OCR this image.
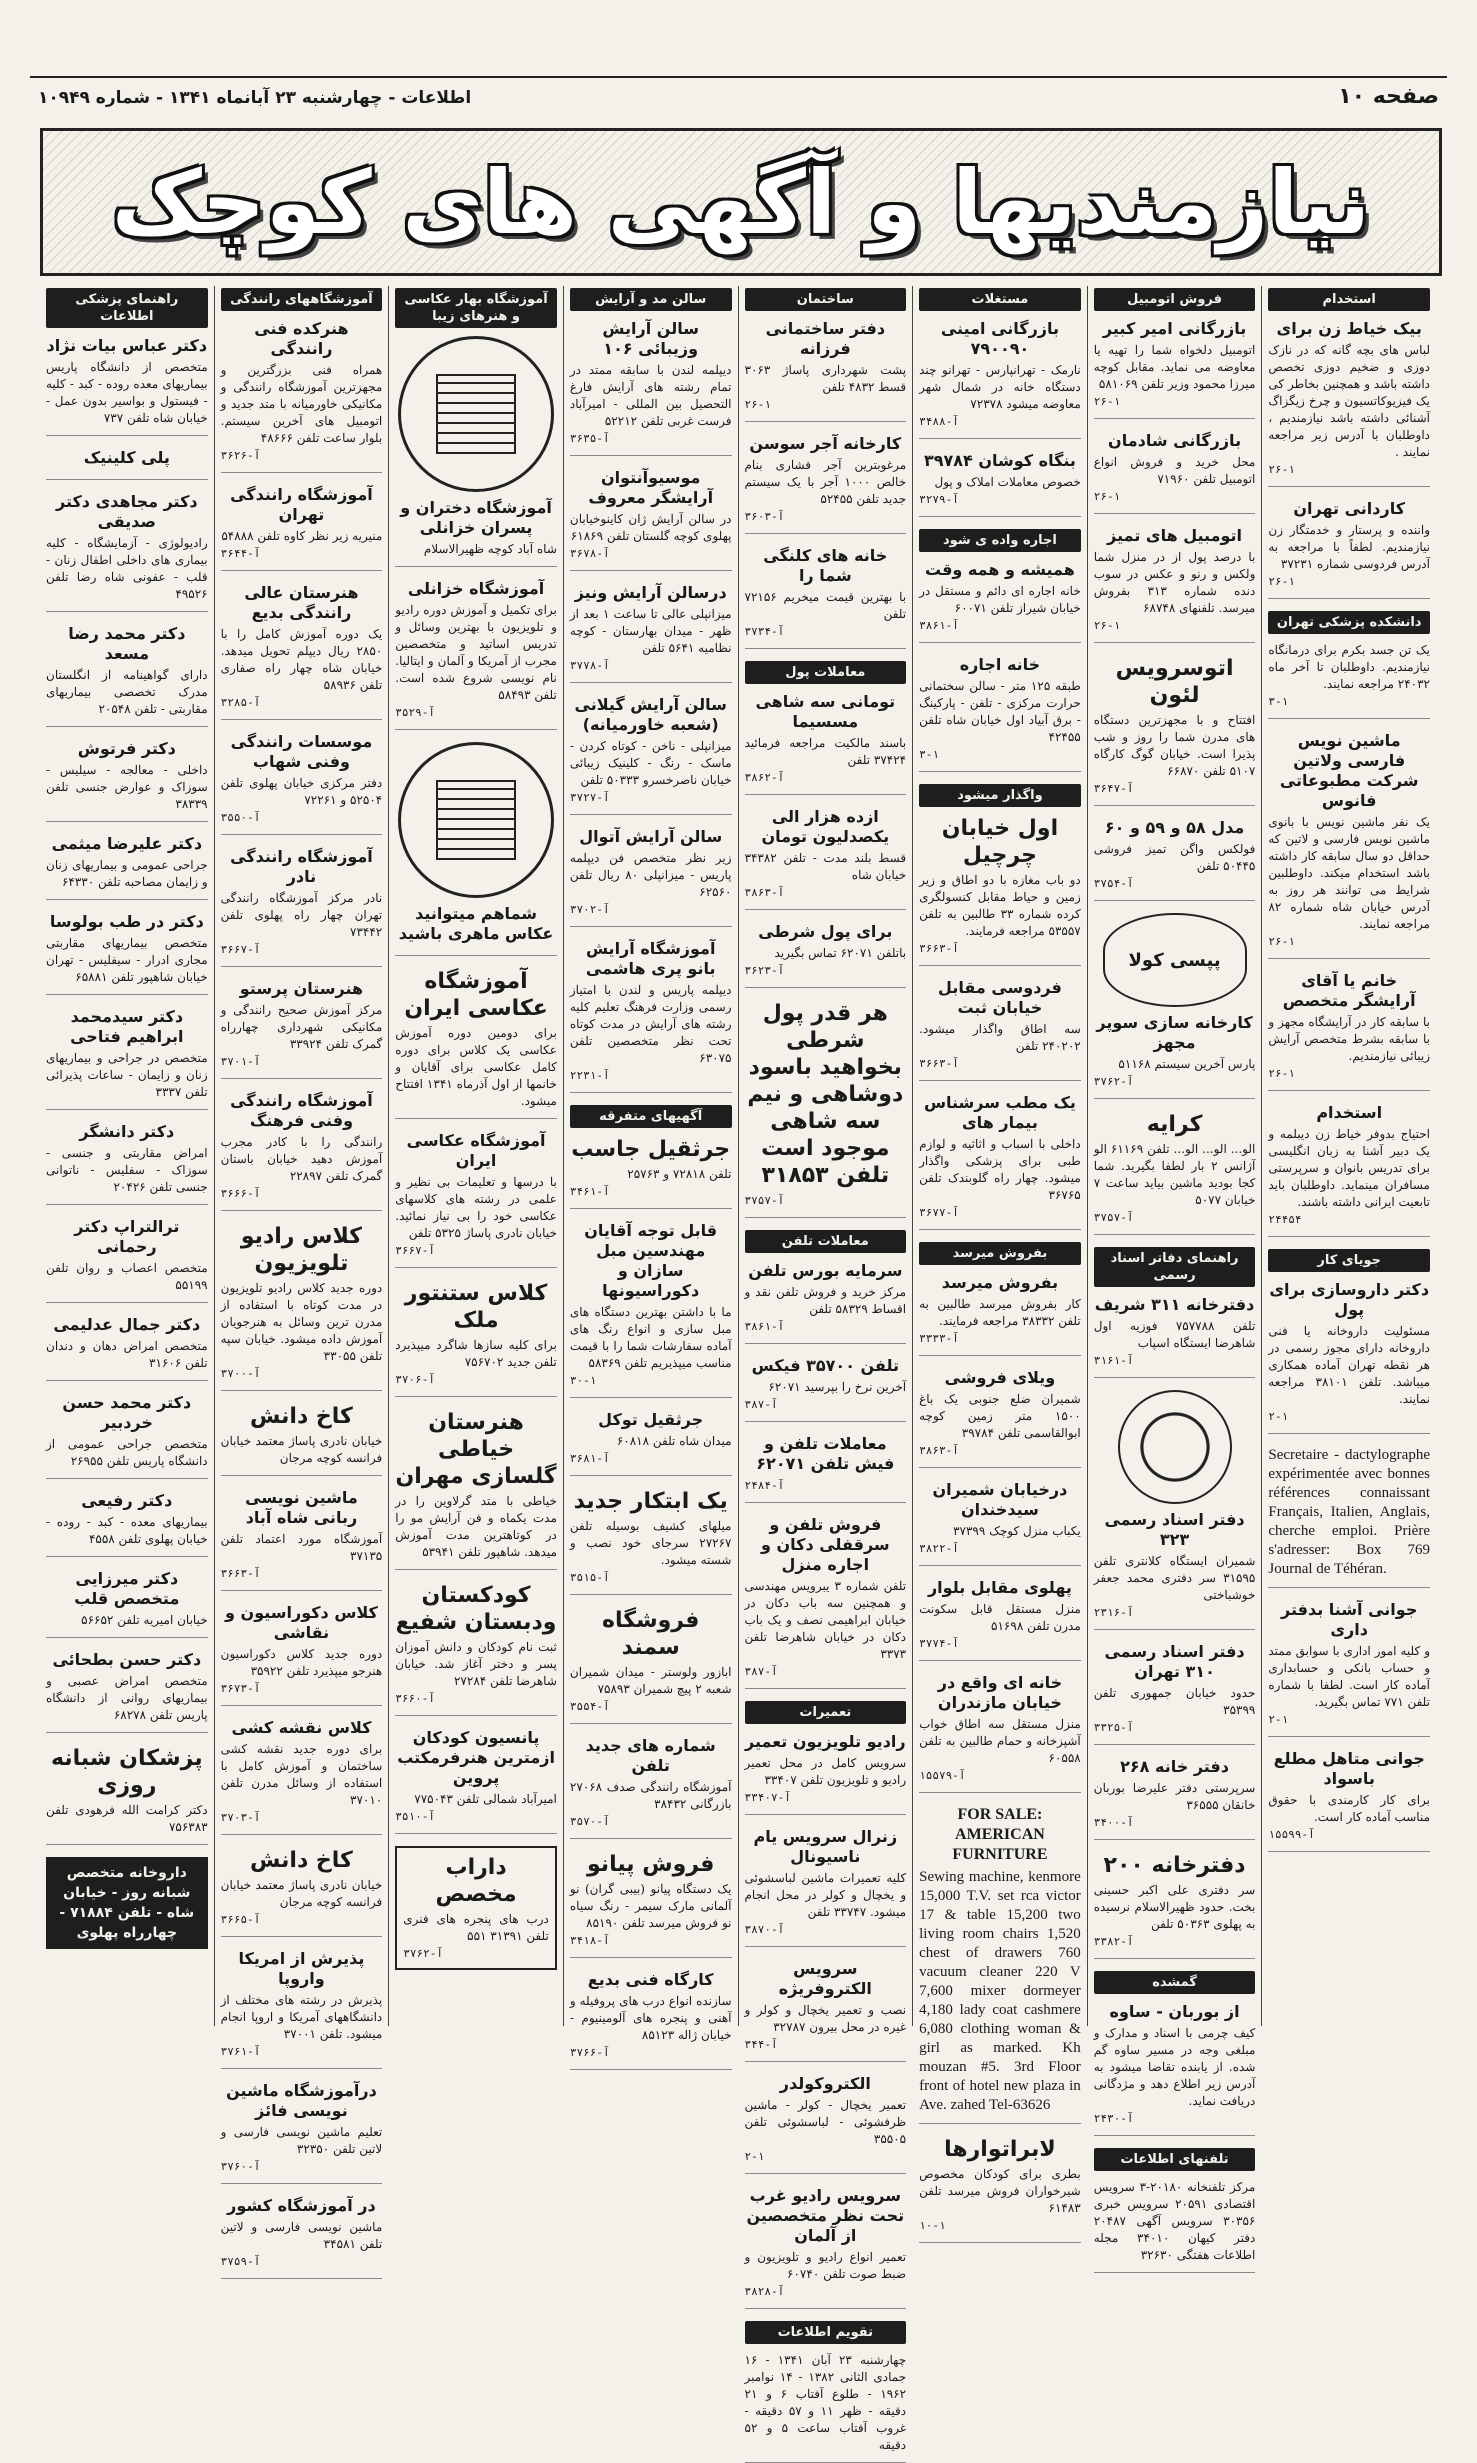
صفحه ۱۰
اطلاعات - چهارشنبه ۲۳ آبانماه ۱۳۴۱ - شماره ۱۰۹۴۹
نیازمندیها و آگهی های کوچک
استخدام
بیک خیاط زن برای
لباس های بچه گانه که در نازک دوزی و ضخیم دوزی تخصص داشته باشد و همچنین بخاطر کی یک فیزیوکاتسیون و چرخ زیگزاگ آشنائی داشته باشد نیازمندیم ، داوطلبان با آدرس زیر مراجعه نمایند .
۲۶-۱
کاردانی تهران
واننده و پرستار و خدمتگار زن نیازمندیم. لطفاً با مراجعه به آدرس فردوسی شماره ۳۷۲۳۱
۲۶-۱
دانشکده پزشکی تهران
یک تن جسد بکرم برای درمانگاه نیازمندیم. داوطلبان تا آخر ماه ۲۴۰۳۲ مراجعه نمایند.
۳-۱
ماشین نویس فارسی ولاتین شرکت مطبوعاتی فانوس
یک نفر ماشین نویس با بانوی ماشین نویس فارسی و لاتین که حداقل دو سال سابقه کار داشته باشد استخدام میکند. داوطلبین شرایط می توانند هر روز به آدرس خیابان شاه شماره ۸۲ مراجعه نمایند.
۲۶-۱
خانم یا آقای آرایشگر متخصص
با سابقه کار در آرایشگاه مجهز و با سابقه بشرط متخصص آرایش زیبائی نیازمندیم.
۲۶-۱
استخدام
احتیاج بدوفر خیاط زن دیبلمه و یک دبیر آشنا به زبان انگلیسی برای تدریس بانوان و سرپرستی مسافران مینماید. داوطلبان باید تابعیت ایرانی داشته باشند.
۲۴۴۵۴
جویای کار
دکتر داروسازی برای پول
مسئولیت داروخانه یا فنی داروخانه دارای مجوز رسمی در هر نقطه تهران آماده همکاری میباشد. تلفن ۳۸۱۰۱ مراجعه نمایند.
۲-۱
Secretaire - dactylographe expérimentée avec bonnes références connaissant Français, Italien, Anglais, cherche emploi. Prière s'adresser: Box 769 Journal de Téhéran.
جوانی آشنا بدفتر داری
و کلیه امور اداری با سوابق ممتد و حساب بانکی و حسابداری آماده کار است. لطفا با شماره تلفن ۷۷۱ تماس بگیرید.
۲-۱
جوانی متاهل مطلع باسواد
برای کار کارمندی با حقوق مناسب آماده کار است.
۱۵۵۹۹-آ
فروش اتومبیل
بازرگانی امیر کبیر
اتومبیل دلخواه شما را تهیه یا معاوضه می نماید. مقابل کوچه میرزا محمود وزیر تلفن ۵۸۱۰۶۹
۲۶-۱
بازرگانی شادمان
محل خرید و فروش انواع اتومبیل تلفن ۷۱۹۶۰
۲۶-۱
اتومبیل های تمیز
با درصد پول از در منزل شما ولکس و رنو و عکس در سوب دنده شماره ۳۱۳ بفروش میرسد. تلفنهای ۶۸۷۴۸
۲۶-۱
اتوسرویس لئون
افتتاح و با مجهزترین دستگاه های مدرن شما را روز و شب پذیرا است. خیابان گوگ کارگاه ۵۱۰۷ تلفن ۶۶۸۷۰
۳۶۴۷-آ
مدل ۵۸ و ۵۹ و ۶۰
فولکس واگن تمیز فروشی ۵۰۴۴۵ تلفن
۳۷۵۴-آ
پپسی کولا
کارخانه سازی سوپر مجهز
پارس آخرین سیستم ۵۱۱۶۸
۳۷۶۲-آ
کرایه
الو... الو... الو... تلفن ۶۱۱۶۹ الو آژانس ۲ بار لطفا بگیرید. شما کجا بودید ماشین بیاید ساعت ۷ خیابان ۵۰۷۷
۳۷۵۷-آ
راهنمای دفاتر اسناد رسمی
دفترخانه ۳۱۱ شریف
تلفن ۷۵۷۷۸۸ فوزیه اول شاهرضا ایستگاه اسپاب
۳۱۶۱-آ
دفتر اسناد رسمی ۳۲۳
شمیران ایستگاه کلانتری تلفن ۳۱۵۹۵ سر دفتری محمد جعفر خوشباختی
۲۳۱۶-آ
دفتر اسناد رسمی ۳۱۰ تهران
حدود خیابان جمهوری تلفن ۳۵۳۹۹
۳۳۲۵-آ
دفتر خانه ۲۶۸
سرپرستی دفتر علیرضا بوربان خانقان ۳۶۵۵۵
۳۴۰۰-آ
دفترخانه ۲۰۰
سر دفتری علی اکبر حسینی بخت. حدود ظهیرالاسلام نرسیده به پهلوی ۵۰۳۶۳ تلفن
۳۳۸۲-آ
گمشده
از بوربان - ساوه
کیف چرمی با اسناد و مدارک و مبلغی وجه در مسیر ساوه گم شده. از یابنده تقاضا میشود به آدرس زیر اطلاع دهد و مژدگانی دریافت نماید.
۲۴۳۰-آ
تلفنهای اطلاعات
مرکز تلفنخانه ۲۰۱۸۰-۳ سرویس اقتصادی ۲۰۵۹۱ سرویس خبری ۳۰۳۵۶ سرویس آگهی ۲۰۴۸۷ دفتر کیهان ۳۴۰۱۰ مجله اطلاعات هفتگی ۳۲۶۳۰
مستغلات
بازرگانی امینی ۷۹۰۰۹۰
نارمک - تهرانپارس - تهرانو چند دستگاه خانه در شمال شهر معاوضه میشود ۷۲۳۷۸
۳۴۸۸-آ
بنگاه کوشان ۳۹۷۸۴
خصوص معاملات املاک و پول
۳۲۷۹-آ
اجاره واده ی شود
همیشه و همه وقت
خانه اجاره ای دائم و مستقل در خیابان شیراز تلفن ۶۰۰۷۱
۳۸۶۱-آ
خانه اجاره
طبقه ۱۲۵ متر - سالن سختمانی حرارت مرکزی - تلفن - پارکینگ - برق آبیاد اول خیابان شاه تلفن ۴۲۴۵۵
۳-۱
واگذار میشود
اول خیابان چرچیل
دو باب مغازه با دو اطاق و زیر زمین و حیاط مقابل کنسولگری کرده شماره ۳۳ طالبین به تلفن ۵۳۵۵۷ مراجعه فرمایند.
۳۶۶۳-آ
فردوسی مقابل خیابان ثبت
سه اطاق واگذار میشود. ۲۴۰۲۰۲ تلفن
۳۶۶۳-آ
یک مطب سرشناس بیمار های
داخلی با اسباب و اثاثیه و لوازم طبی برای پزشکی واگذار میشود. چهار راه گلوبندک تلفن ۳۶۷۶۵
۳۶۷۷-آ
بفروش میرسد
بفروش میرسد
کار بفروش میرسد طالبین به تلفن ۳۸۳۳۲ مراجعه فرمایند.
۳۳۳۳-آ
ویلای فروشی
شمیران ضلع جنوبی یک باغ ۱۵۰۰ متر زمین کوچه ابوالقاسمی تلفن ۳۹۷۸۴
۳۸۶۳-آ
درخیابان شمیران سیدخندان
یکباب منزل کوچک ۳۷۳۹۹
۳۸۲۲-آ
پهلوی مقابل بلوار
منزل مستقل قابل سکونت مدرن تلفن ۵۱۶۹۸
۳۷۷۴-آ
خانه ای واقع در خیابان مازندران
منزل مستقل سه اطاق خواب آشپزخانه و حمام طالبین به تلفن ۶۰۵۵۸
۱۵۵۷۹-آ
FOR SALE: AMERICAN FURNITURE
Sewing machine, kenmore 15,000 T.V. set rca victor 17 & table 15,200 two living room chairs 1,520 chest of drawers 760 vacuum cleaner 220 V 7,600 mixer dormeyer 4,180 lady coat cashmere 6,080 clothing woman & girl as marked. Kh mouzan #5. 3rd Floor front of hotel new plaza in Ave. zahed Tel-63626
لابراتوارها
بطری برای کودکان مخصوص شیرخواران فروش میرسد تلفن ۶۱۴۸۳
۱۰-۱
ساختمان
دفتر ساختمانی فرزانه
پشت شهرداری پاساژ ۳۰۶۳ قسط ۴۸۳۲ تلفن
۲۶-۱
کارخانه آجر سوسن
مرغوبترین آجر فشاری بنام خالص ۱۰۰۰ آجر با یک سیستم جدید تلفن ۵۲۴۵۵
۳۶۰۳-آ
خانه های کلنگی شما را
با بهترین قیمت میخریم ۷۲۱۵۶ تلفن
۳۷۳۴-آ
معاملات پول
تومانی سه شاهی مسسیما
باسند مالکیت مراجعه فرمائید ۳۷۴۲۴ تلفن
۳۸۶۲-آ
ازده هزار الی یکصدلیون تومان
قسط بلند مدت - تلفن ۳۴۳۸۲ خیابان شاه
۳۸۶۳-آ
برای پول شرطی
باتلفن ۶۲۰۷۱ تماس بگیرید
۳۶۲۳-آ
هر قدر پول شرطی بخواهید باسود دوشاهی و نیم سه شاهی موجود است تلفن ۳۱۸۵۳
۳۷۵۷-آ
معاملات تلفن
سرمایه بورس تلفن
مرکز خرید و فروش تلفن نقد و اقساط ۵۸۳۲۹ تلفن
۳۸۶۱-آ
تلفن ۳۵۷۰۰ فیکس
آخرین نرخ را بپرسید ۶۲۰۷۱
۳۸۷-آ
معاملات تلفن و فیش تلفن ۶۲۰۷۱
۲۴۸۴-آ
فروش تلفن و سرقفلی دکان و اجاره منزل
تلفن شماره ۳ یبرویس مهندسی و همچنین سه باب دکان در خیابان ابراهیمی نصف و یک باب دکان در خیابان شاهرضا تلفن ۳۳۷۳
۳۸۷-آ
تعمیرات
رادیو تلویزیون تعمیر
سرویس کامل در محل تعمیر رادیو و تلویزیون تلفن ۳۳۴۰۷
۳۳۴۰۷-آ
زنرال سرویس یام ناسیونال
کلیه تعمیرات ماشین لباسشوئی و یخچال و کولر در محل انجام میشود. ۳۳۷۴۷ تلفن
۳۸۷۰-آ
سرویس الکتروفریژه
نصب و تعمیر یخچال و کولر و غیره در محل بیرون ۳۲۷۸۷
۳۴۴-آ
الکتروکولدر
تعمیر یخچال - کولر - ماشین ظرفشوئی - لباسشوئی تلفن ۳۵۵۰۵
۲-۱
سرویس رادیو غرب تحت نظر متخصصین از آلمان
تعمیر انواع رادیو و تلویزیون و ضبط صوت تلفن ۶۰۷۴۰
۳۸۲۸-آ
تقویم اطلاعات
چهارشنبه ۲۳ آبان ۱۳۴۱ - ۱۶ جمادی الثانی ۱۳۸۲ - ۱۴ نوامبر ۱۹۶۲ - طلوع آفتاب ۶ و ۲۱ دقیقه - ظهر ۱۱ و ۵۷ دقیقه - غروب آفتاب ساعت ۵ و ۵۲ دقیقه
سالن مد و آرایش
سالن آرایش وزیبائی ۱۰۶
دیپلمه لندن با سابقه ممتد در تمام رشته های آرایش فارغ التحصیل بین المللی - امیرآباد فرست غربی تلفن ۵۲۲۱۲
۳۶۳۵-آ
موسیوآنتوان آرایشگر معروف
در سالن آرایش ژان کاینوخیابان پهلوی کوچه گلستان تلفن ۶۱۸۶۹
۳۶۷۸-آ
درسالن آرایش ونیز
میزانپلی عالی تا ساعت ۱ بعد از ظهر - میدان بهارستان - کوچه نظامیه ۵۶۴۱ تلفن
۳۷۷۸-آ
سالن آرایش گیلانی (شعبه خاورمیانه)
میزانپلی - ناخن - کوتاه کردن - ماسک - رنگ - کلینیک زیبائی خیابان ناصرخسرو ۵۰۳۳۳ تلفن
۳۷۲۷-آ
سالن آرایش آتوال
زیر نظر متخصص فن دیپلمه پاریس - میزانپلی ۸۰ ریال تلفن ۶۲۵۶۰
۳۷۰۲-آ
آموزشگاه آرایش بانو پری هاشمی
دیپلمه پاریس و لندن با امتیاز رسمی وزارت فرهنگ تعلیم کلیه رشته های آرایش در مدت کوتاه تحت نظر متخصصین تلفن ۶۳۰۷۵
۲۲۳۱-آ
آگهیهای متفرقه
جرثقیل جاسب
تلفن ۷۲۸۱۸ و ۲۵۷۶۳
۳۴۶۱-آ
قابل توجه آقایان مهندسین مبل سازان و دکوراسیونها
ما با داشتن بهترین دستگاه های مبل سازی و انواع رنگ های آماده سفارشات شما را با قیمت مناسب میپذیریم تلفن ۵۸۳۶۹
۳۰-۱
جرثقیل توکل
میدان شاه تلفن ۶۰۸۱۸
۳۶۸۱-آ
یک ابتکار جدید
میلهای کشیف بوسیله تلفن ۲۷۲۶۷ سرجای خود نصب و شسته میشود.
۳۵۱۵-آ
فروشگاه سمند
ابازور ولوستر - میدان شمیران شعبه ۲ پیچ شمیران ۷۵۸۹۳
۳۵۵۴-آ
شماره های جدید تلفن
آموزشگاه رانندگی صدف ۲۷۰۶۸ بازرگانی ۳۸۴۳۲
۳۵۷۰-آ
فروش پیانو
یک دستگاه پیانو (بیبی گران) نو آلمانی مارک سیمر - رنگ سیاه نو فروش میرسد تلفن ۸۵۱۹۰
۳۴۱۸-آ
کارگاه فنی بدیع
سازنده انواع درب های پروفیله و آهنی و پنجره های آلومینیوم - خیابان ژاله ۸۵۱۲۳
۳۷۶۶-آ
آموزشگاه بهار عکاسی و هنرهای زیبا
آموزشگاه دختران و پسران خزانلی
شاه آباد کوچه ظهیرالاسلام
آموزشگاه خزانلی
برای تکمیل و آموزش دوره رادیو و تلویزیون با بهترین وسائل و تدریس اساتید و متخصصین مجرب از آمریکا و آلمان و ایتالیا. نام نویسی شروع شده است. تلفن ۵۸۴۹۳
۳۵۲۹-آ
شماهم میتوانید عکاس ماهری باشید
آموزشگاه عکاسی ایران
برای دومین دوره آموزش عکاسی یک کلاس برای دوره کامل عکاسی برای آقایان و خانمها از اول آذرماه ۱۳۴۱ افتتاح میشود.
آموزشگاه عکاسی ایران
با درسها و تعلیمات بی نظیر و علمی در رشته های کلاسهای عکاسی خود را بی نیاز نمائید. خیابان نادری پاساژ ۵۳۲۵ تلفن
۳۶۶۷-آ
کلاس ستنتور ملک
برای کلیه سازها شاگرد میپذیرد تلفن جدید ۷۵۶۷۰۲
۳۷۰۶-آ
هنرستان خیاطی گلسازی مهران
خیاطی با متد گرلاوین را در مدت یکماه و فن آرایش مو را در کوتاهترین مدت آموزش میدهد. شاهپور تلفن ۵۳۹۴۱
کودکستان ودبستان شفیع
ثبت نام کودکان و دانش آموزان پسر و دختر آغاز شد. خیابان شاهرضا تلفن ۲۷۲۸۴
۳۶۶۰-آ
پانسیون کودکان ازمترین هنرفرمکتب پروین
امیرآباد شمالی تلفن ۷۷۵۰۴۳
۳۵۱۰-آ
داراب مخصص
درب های پنجره های فنری تلفن ۳۱۳۹۱ ۵۵۱
۳۷۶۲-آ
آموزشگاههای رانندگی
هنرکده فنی رانندگی
همراه فنی بزرگترین و مجهزترین آموزشگاه رانندگی و مکانیکی خاورمیانه با متد جدید و اتومبیل های آخرین سیستم. بلوار ساعت تلفن ۴۸۶۶۶
۳۶۲۶-آ
آموزشگاه رانندگی تهران
منیریه زیر نظر کاوه تلفن ۵۴۸۸۸
۳۶۴۴-آ
هنرستان عالی رانندگی بدیع
یک دوره آموزش کامل را با ۲۸۵۰ ریال دیپلم تحویل میدهد. خیابان شاه چهار راه صفاری تلفن ۵۸۹۳۶
۳۲۸۵-آ
موسسات رانندگی وفنی شهاب
دفتر مرکزی خیابان پهلوی تلفن ۵۲۵۰۴ و ۷۲۲۶۱
۳۵۵۰-آ
آموزشگاه رانندگی نادر
نادر مرکز آموزشگاه رانندگی تهران چهار راه پهلوی تلفن ۷۳۴۴۲
۳۶۶۷-آ
هنرستان پرستو
مرکز آموزش صحیح رانندگی و مکانیکی شهرداری چهارراه گمرک تلفن ۳۳۹۲۴
۳۷۰۱-آ
آموزشگاه رانندگی وفنی فرهنگ
رانندگی را با کادر مجرب آموزش دهید خیابان باستان گمرک تلفن ۲۲۸۹۷
۳۶۶۶-آ
کلاس رادیو تلویزیون
دوره جدید کلاس رادیو تلویزیون در مدت کوتاه با استفاده از مدرن ترین وسائل به هنرجویان آموزش داده میشود. خیابان سپه تلفن ۳۳۰۵۵
۳۷۰۰-آ
کاخ دانش
خیابان نادری پاساژ معتمد خیابان فرانسه کوچه مرجان
ماشین نویسی ربانی شاه آباد
آموزشگاه مورد اعتماد تلفن ۳۷۱۳۵
۳۶۶۳-آ
کلاس دکوراسیون و نقاشی
دوره جدید کلاس دکوراسیون هنرجو میپذیرد تلفن ۳۵۹۲۲
۳۶۷۳-آ
کلاس نقشه کشی
برای دوره جدید نقشه کشی ساختمان و آموزش کامل با استفاده از وسائل مدرن تلفن ۳۷۰۱۰
۳۷۰۳-آ
کاخ دانش
خیابان نادری پاساژ معتمد خیابان فرانسه کوچه مرجان
۳۶۶۵-آ
پذیرش از امریکا واروپا
پذیرش در رشته های مختلف از دانشگاههای آمریکا و اروپا انجام میشود. تلفن ۳۷۰۰۱
۳۷۶۱-آ
درآموزشگاه ماشین نویسی فائز
تعلیم ماشین نویسی فارسی و لاتین تلفن ۳۲۳۵۰
۳۷۶۰-آ
در آموزشگاه کشور
ماشین نویسی فارسی و لاتین تلفن ۳۴۵۸۱
۳۷۵۹-آ
راهنمای پزشکی اطلاعات
دکتر عباس بیات نژاد
متخصص از دانشگاه پاریس بیماریهای معده روده - کبد - کلیه - فیستول و بواسیر بدون عمل - خیابان شاه تلفن ۷۳۷
پلی کلینیک
دکتر مجاهدی دکتر صدیقی
رادیولوژی - آزمایشگاه - کلیه بیماری های داخلی اطفال زنان - قلب - عفونی شاه رضا تلفن ۴۹۵۲۶
دکتر محمد رضا مسعد
دارای گواهینامه از انگلستان مدرک تخصصی بیماریهای مقاربتی - تلفن ۲۰۵۴۸
دکتر فرتوش
داخلی - معالجه - سیلیس - سوزاک و عوارض جنسی تلفن ۳۸۳۳۹
دکتر علیرضا میثمی
جراحی عمومی و بیماریهای زنان و زایمان مصاحبه تلفن ۶۴۳۳۰
دکتر در طب بولوسا
متخصص بیماریهای مقاربتی مجاری ادرار - سیفلیس - تهران خیابان شاهپور تلفن ۶۵۸۸۱
دکتر سیدمحمد ابراهیم فتاحی
متخصص در جراحی و بیماریهای زنان و زایمان - ساعات پذیرائی تلفن ۳۳۳۷
دکتر دانشگر
امراض مقاربتی و جنسی - سوزاک - سفلیس - ناتوانی جنسی تلفن ۲۰۴۲۶
ترالتراپ دکتر رحمانی
متخصص اعصاب و روان تلفن ۵۵۱۹۹
دکتر جمال عدلیمی
متخصص امراض دهان و دندان تلفن ۳۱۶۰۶
دکتر محمد حسن خردبیر
متخصص جراحی عمومی از دانشگاه پاریس تلفن ۲۶۹۵۵
دکتر رفیعی
بیماریهای معده - کبد - روده - خیابان پهلوی تلفن ۴۵۵۸
دکتر میرزایی متخصص قلب
خیابان امیریه تلفن ۵۶۶۵۲
دکتر حسن بطحائی
متخصص امراض عصبی و بیماریهای روانی از دانشگاه پاریس تلفن ۶۸۲۷۸
پزشکان شبانه روزی
دکتر کرامت الله فرهودی تلفن ۷۵۶۳۸۳
داروخانه متخصص شبانه روز - خیابان شاه - تلفن ۷۱۸۸۴ - چهارراه پهلوی
